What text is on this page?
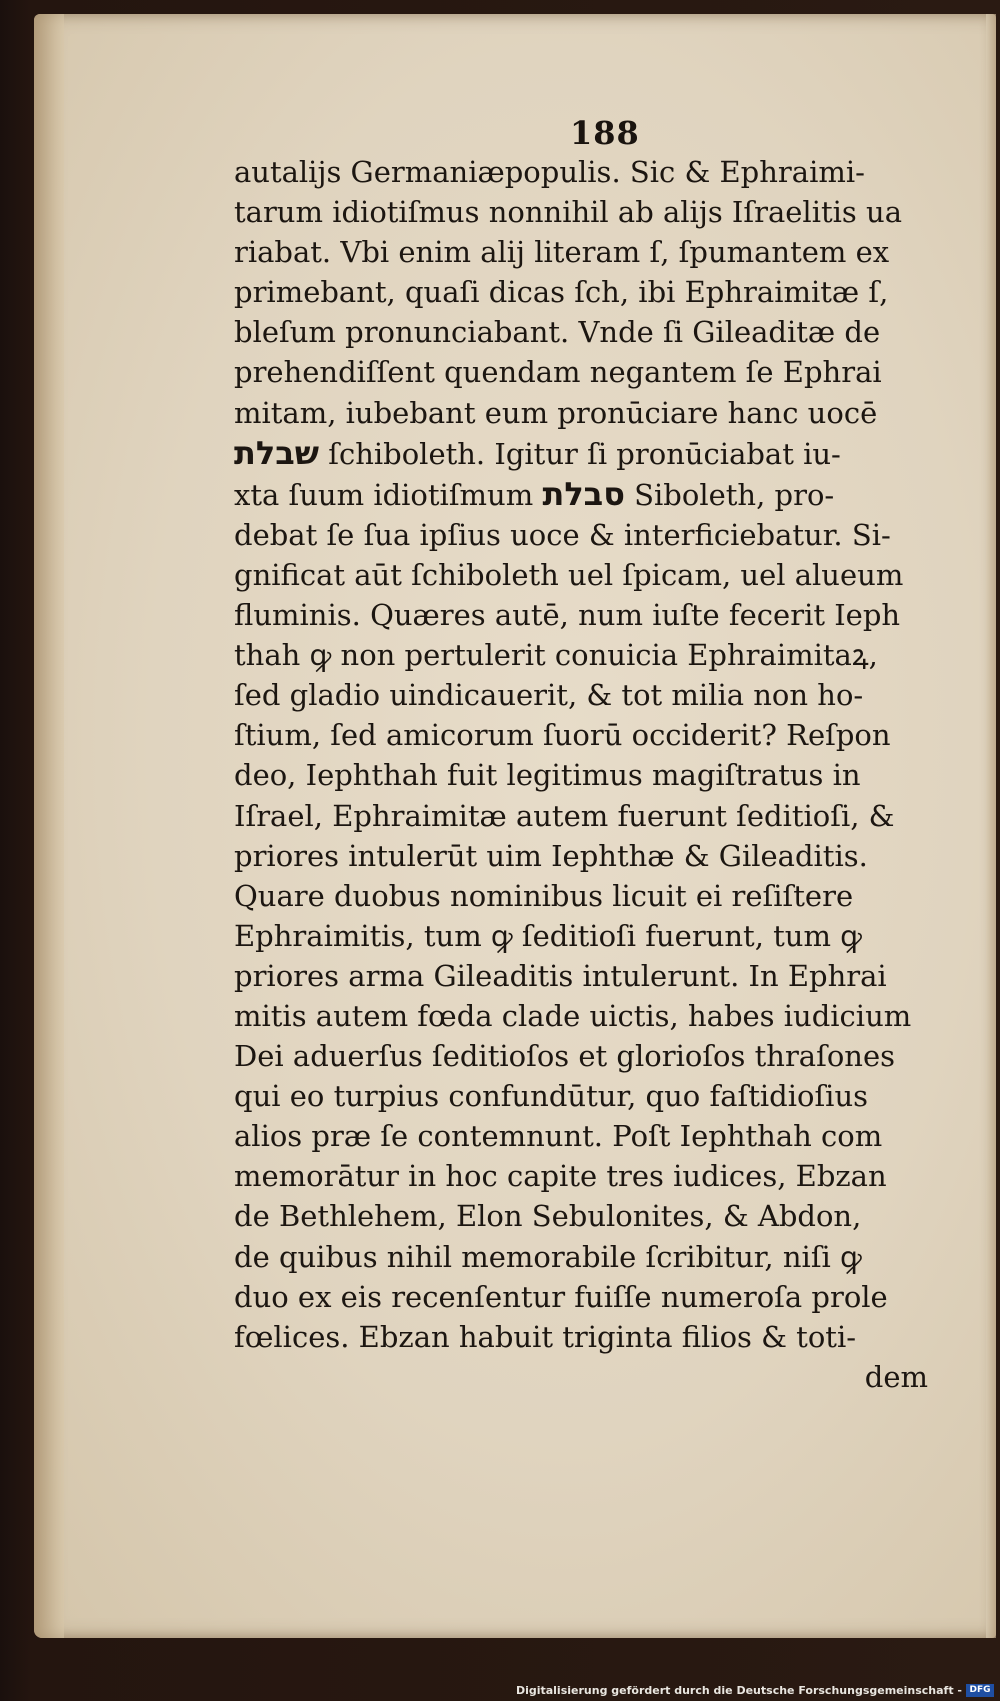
188
autalijs Germaniæpopulis. Sic & Ephraimi-
tarum idiotiſmus nonnihil ab alijs Iſraelitis ua
riabat. Vbi enim alij literam ſ, ſpumantem ex
primebant, quaſi dicas ſch, ibi Ephraimitæ ſ,
bleſum pronunciabant. Vnde ſi Gileaditæ de
prehendiſſent quendam negantem ſe Ephrai
mitam, iubebant eum pronūciare hanc uocē
שבלת ſchiboleth. Igitur ſi pronūciabat iu-
xta ſuum idiotiſmum סבלת Siboleth, pro-
debat ſe ſua ipſius uoce & interficiebatur. Si-
gnificat aūt ſchiboleth uel ſpicam, uel alueum
fluminis. Quæres autē, num iuſte fecerit Ieph
thah ꝙ non pertulerit conuicia Ephraimitaꝝ,
ſed gladio uindicauerit, & tot milia non ho-
ſtium, ſed amicorum ſuorū occiderit? Reſpon
deo, Iephthah fuit legitimus magiſtratus in
Iſrael, Ephraimitæ autem fuerunt ſeditioſi, &
priores intulerūt uim Iephthæ & Gileaditis.
Quare duobus nominibus licuit ei reſiſtere
Ephraimitis, tum ꝙ ſeditioſi fuerunt, tum ꝙ
priores arma Gileaditis intulerunt. In Ephrai
mitis autem fœda clade uictis, habes iudicium
Dei aduerſus ſeditioſos et glorioſos thraſones
qui eo turpius confundūtur, quo faſtidioſius
alios præ ſe contemnunt. Poſt Iephthah com
memorātur in hoc capite tres iudices, Ebzan
de Bethlehem, Elon Sebulonites, & Abdon,
de quibus nihil memorabile ſcribitur, niſi ꝙ
duo ex eis recenſentur fuiſſe numeroſa prole
fœlices. Ebzan habuit triginta filios & toti-
dem
Digitalisierung gefördert durch die Deutsche Forschungsgemeinschaft - DFG
